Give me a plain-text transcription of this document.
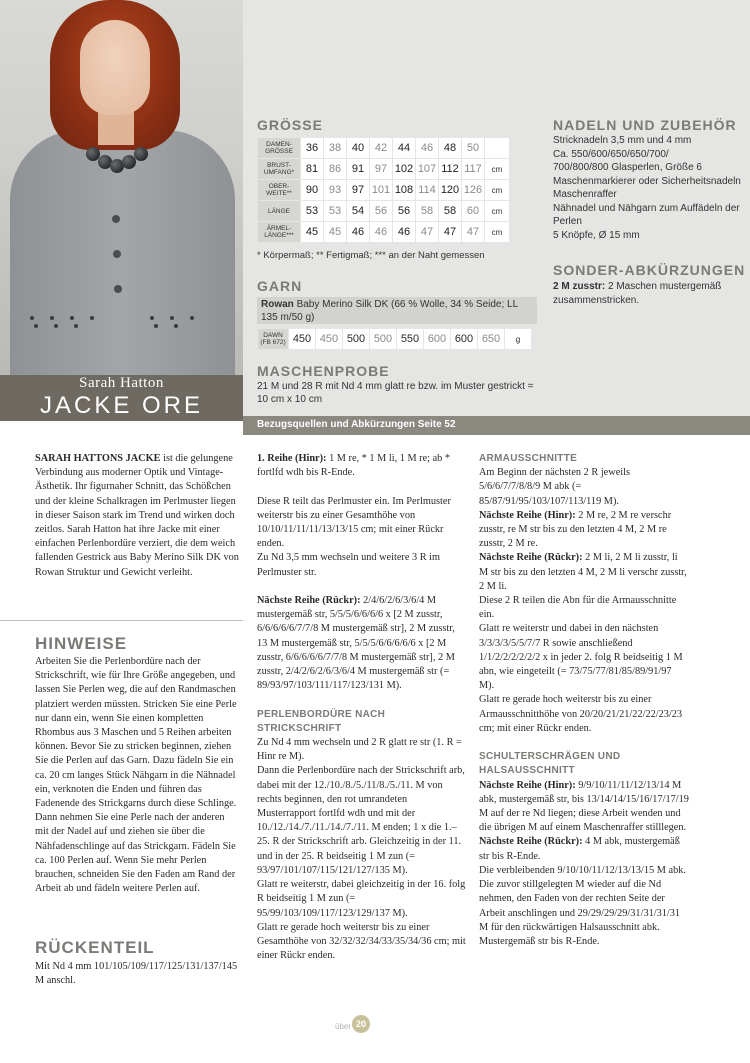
Sarah Hatton
JACKE ORE
GRÖSSE
DAMEN-GRÖSSE	36	38	40	42	44	46	48	50	
BRUST-UMFANG*	81	86	91	97	102	107	112	117	cm
OBER-WEITE**	90	93	97	101	108	114	120	126	cm
LÄNGE	53	53	54	56	56	58	58	60	cm
ÄRMEL-LÄNGE***	45	45	46	46	46	47	47	47	cm
* Körpermaß; ** Fertigmaß; *** an der Naht gemessen
GARN
Rowan Baby Merino Silk DK (66 % Wolle, 34 % Seide; LL 135 m/50 g)
DAWN (FB 672)	450	450	500	500	550	600	600	650	g
MASCHENPROBE
21 M und 28 R mit Nd 4 mm glatt re bzw. im Muster gestrickt = 10 cm x 10 cm
Bezugsquellen und Abkürzungen Seite 52
NADELN UND ZUBEHÖR
Stricknadeln 3,5 mm und 4 mm
Ca. 550/600/650/650/700/
700/800/800 Glasperlen, Größe 6
Maschenmarkierer oder Sicherheitsnadeln
Maschenraffer
Nähnadel und Nähgarn zum Auffädeln der Perlen
5 Knöpfe, Ø 15 mm
SONDER-ABKÜRZUNGEN
2 M zusstr: 2 Maschen mustergemäß zusammenstricken.

SARAH HATTONS JACKE ist die gelungene Verbindung aus moderner Optik und Vintage-Ästhetik. Ihr figurnaher Schnitt, das Schößchen und der kleine Schalkragen im Perlmuster liegen in dieser Saison stark im Trend und wirken doch zeitlos. Sarah Hatton hat ihre Jacke mit einer einfachen Perlenbordüre verziert, die dem weich fallenden Gestrick aus Baby Merino Silk DK von Rowan Struktur und Gewicht verleiht.

HINWEISE

Arbeiten Sie die Perlenbordüre nach der Strickschrift, wie für Ihre Größe angegeben, und lassen Sie Perlen weg, die auf den Randmaschen platziert werden müssten. Stricken Sie eine Perle nur dann ein, wenn Sie einen kompletten Rhombus aus 3 Maschen und 5 Reihen arbeiten können. Bevor Sie zu stricken beginnen, ziehen Sie die Perlen auf das Garn. Dazu fädeln Sie ein ca. 20 cm langes Stück Nähgarn in die Nähnadel ein, verknoten die Enden und führen das Fadenende des Strickgarns durch diese Schlinge. Dann nehmen Sie eine Perle nach der anderen mit der Nadel auf und ziehen sie über die Nähfadenschlinge auf das Strickgarn. Fädeln Sie ca. 100 Perlen auf. Wenn Sie mehr Perlen brauchen, schneiden Sie den Faden am Rand der Arbeit ab und fädeln weitere Perlen auf.

RÜCKENTEIL

Mit Nd 4 mm 101/105/109/117/125/131/137/145 M anschl.

1. Reihe (Hinr): 1 M re, * 1 M li, 1 M re; ab * fortlfd wdh bis R-Ende.

Diese R teilt das Perlmuster ein. Im Perlmuster weiterstr bis zu einer Gesamthöhe von 10/10/11/11/11/13/13/15 cm; mit einer Rückr enden.

Zu Nd 3,5 mm wechseln und weitere 3 R im Perlmuster str.

Nächste Reihe (Rückr): 2/4/6/2/6/3/6/4 M mustergemäß str, 5/5/5/6/6/6/6 x [2 M zusstr, 6/6/6/6/6/7/7/8 M mustergemäß str], 2 M zusstr, 13 M mustergemäß str, 5/5/5/6/6/6/6/6 x [2 M zusstr, 6/6/6/6/6/7/7/8 M mustergemäß str], 2 M zusstr, 2/4/2/6/2/6/3/6/4 M mustergemäß str (= 89/93/97/103/111/117/123/131 M).

PERLENBORDÜRE NACH STRICKSCHRIFT

Zu Nd 4 mm wechseln und 2 R glatt re str (1. R = Hinr re M).

Dann die Perlenbordüre nach der Strickschrift arb, dabei mit der 12./10./8./5./11/8./5./11. M von rechts beginnen, den rot umrandeten Musterrapport fortlfd wdh und mit der 10./12./14./7./11./14./7./11. M enden; 1 x die 1.–25. R der Strickschrift arb. Gleichzeitig in der 11. und in der 25. R beidseitig 1 M zun (= 93/97/101/107/115/121/127/135 M).

Glatt re weiterstr, dabei gleichzeitig in der 16. folg R beidseitig 1 M zun (= 95/99/103/109/117/123/129/137 M).

Glatt re gerade hoch weiterstr bis zu einer Gesamthöhe von 32/32/32/34/33/35/34/36 cm; mit einer Rückr enden.

ARMAUSSCHNITTE

Am Beginn der nächsten 2 R jeweils 5/6/6/7/7/8/8/9 M abk (= 85/87/91/95/103/107/113/119 M).

Nächste Reihe (Hinr): 2 M re, 2 M re verschr zusstr, re M str bis zu den letzten 4 M, 2 M re zusstr, 2 M re.

Nächste Reihe (Rückr): 2 M li, 2 M li zusstr, li M str bis zu den letzten 4 M, 2 M li verschr zusstr, 2 M li.

Diese 2 R teilen die Abn für die Armausschnitte ein.

Glatt re weiterstr und dabei in den nächsten 3/3/3/3/5/5/7/7 R sowie anschließend 1/1/2/2/2/2/2/2 x in jeder 2. folg R beidseitig 1 M abn, wie eingeteilt (= 73/75/77/81/85/89/91/97 M).

Glatt re gerade hoch weiterstr bis zu einer Armausschnitthöhe von 20/20/21/21/22/22/23/23 cm; mit einer Rückr enden.

SCHULTERSCHRÄGEN UND HALSAUSSCHNITT

Nächste Reihe (Hinr): 9/9/10/11/11/12/13/14 M abk, mustergemäß str, bis 13/14/14/15/16/17/17/19 M auf der re Nd liegen; diese Arbeit wenden und die übrigen M auf einem Maschenraffer stilllegen.

Nächste Reihe (Rückr): 4 M abk, mustergemäß str bis R-Ende.

Die verbleibenden 9/10/10/11/12/13/13/15 M abk.

Die zuvor stillgelegten M wieder auf die Nd nehmen, den Faden von der rechten Seite der Arbeit anschlingen und 29/29/29/29/31/31/31/31 M für den rückwärtigen Halsausschnitt abk. Mustergemäß str bis R-Ende.

über 20
